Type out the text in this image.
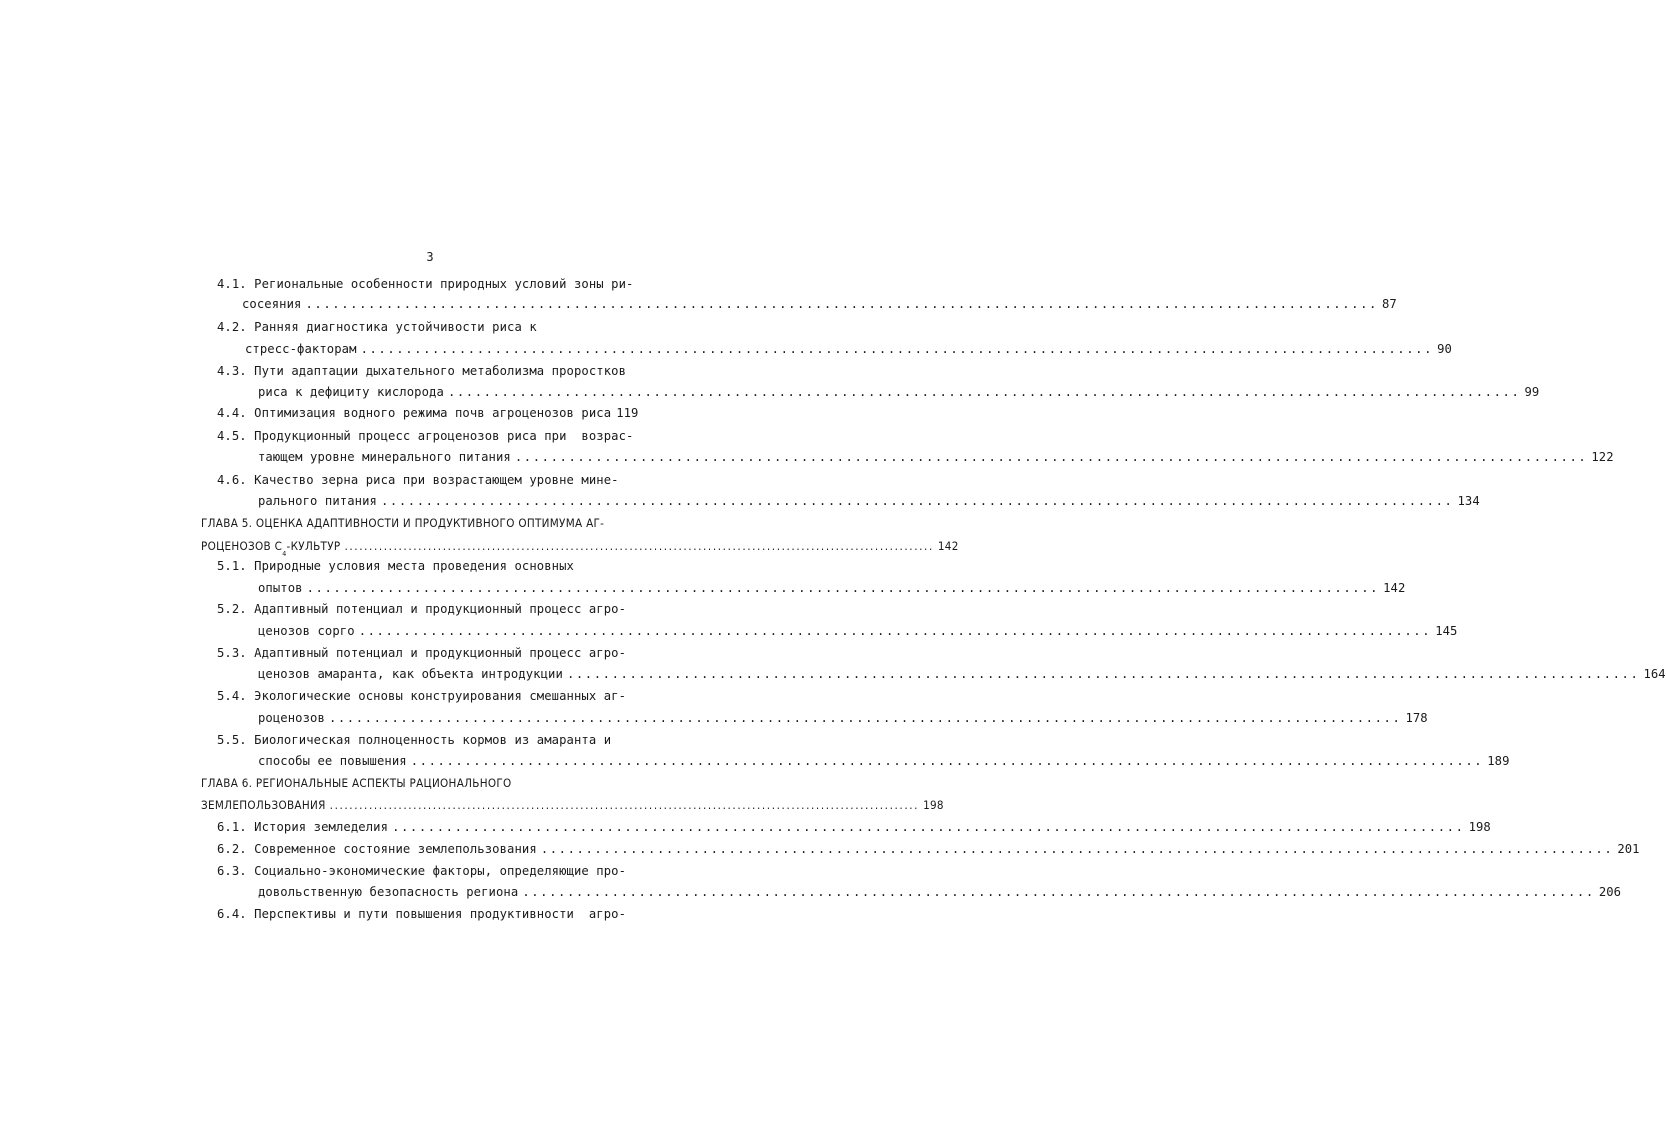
3
4.1. Региональные особенности природных условий зоны ри-
сосеяния ........................................................................................................................ 87
4.2. Ранняя диагностика устойчивости риса к
стресс-факторам ........................................................................................................................ 90
4.3. Пути адаптации дыхательного метаболизма проростков
риса к дефициту кислорода ........................................................................................................................ 99
4.4. Оптимизация водного режима почв агроценозов риса 119
4.5. Продукционный процесс агроценозов риса при  возрас-
тающем уровне минерального питания ........................................................................................................................ 122
4.6. Качество зерна риса при возрастающем уровне мине-
рального питания ........................................................................................................................ 134
ГЛАВА 5. ОЦЕНКА АДАПТИВНОСТИ И ПРОДУКТИВНОГО ОПТИМУМА АГ-
РОЦЕНОЗОВ С
4
-КУЛЬТУР ........................................................................................................................ 142
5.1. Природные условия места проведения основных
опытов ........................................................................................................................ 142
5.2. Адаптивный потенциал и продукционный процесс агро-
ценозов сорго ........................................................................................................................ 145
5.3. Адаптивный потенциал и продукционный процесс агро-
ценозов амаранта, как объекта интродукции ........................................................................................................................ 164
5.4. Экологические основы конструирования смешанных аг-
роценозов ........................................................................................................................ 178
5.5. Биологическая полноценность кормов из амаранта и
способы ее повышения ........................................................................................................................ 189
ГЛАВА 6. РЕГИОНАЛЬНЫЕ АСПЕКТЫ РАЦИОНАЛЬНОГО
ЗЕМЛЕПОЛЬЗОВАНИЯ ........................................................................................................................ 198
6.1. История земледелия ........................................................................................................................ 198
6.2. Современное состояние землепользования ........................................................................................................................ 201
6.3. Социально-экономические факторы, определяющие про-
довольственную безопасность региона ........................................................................................................................ 206
6.4. Перспективы и пути повышения продуктивности  агро-
